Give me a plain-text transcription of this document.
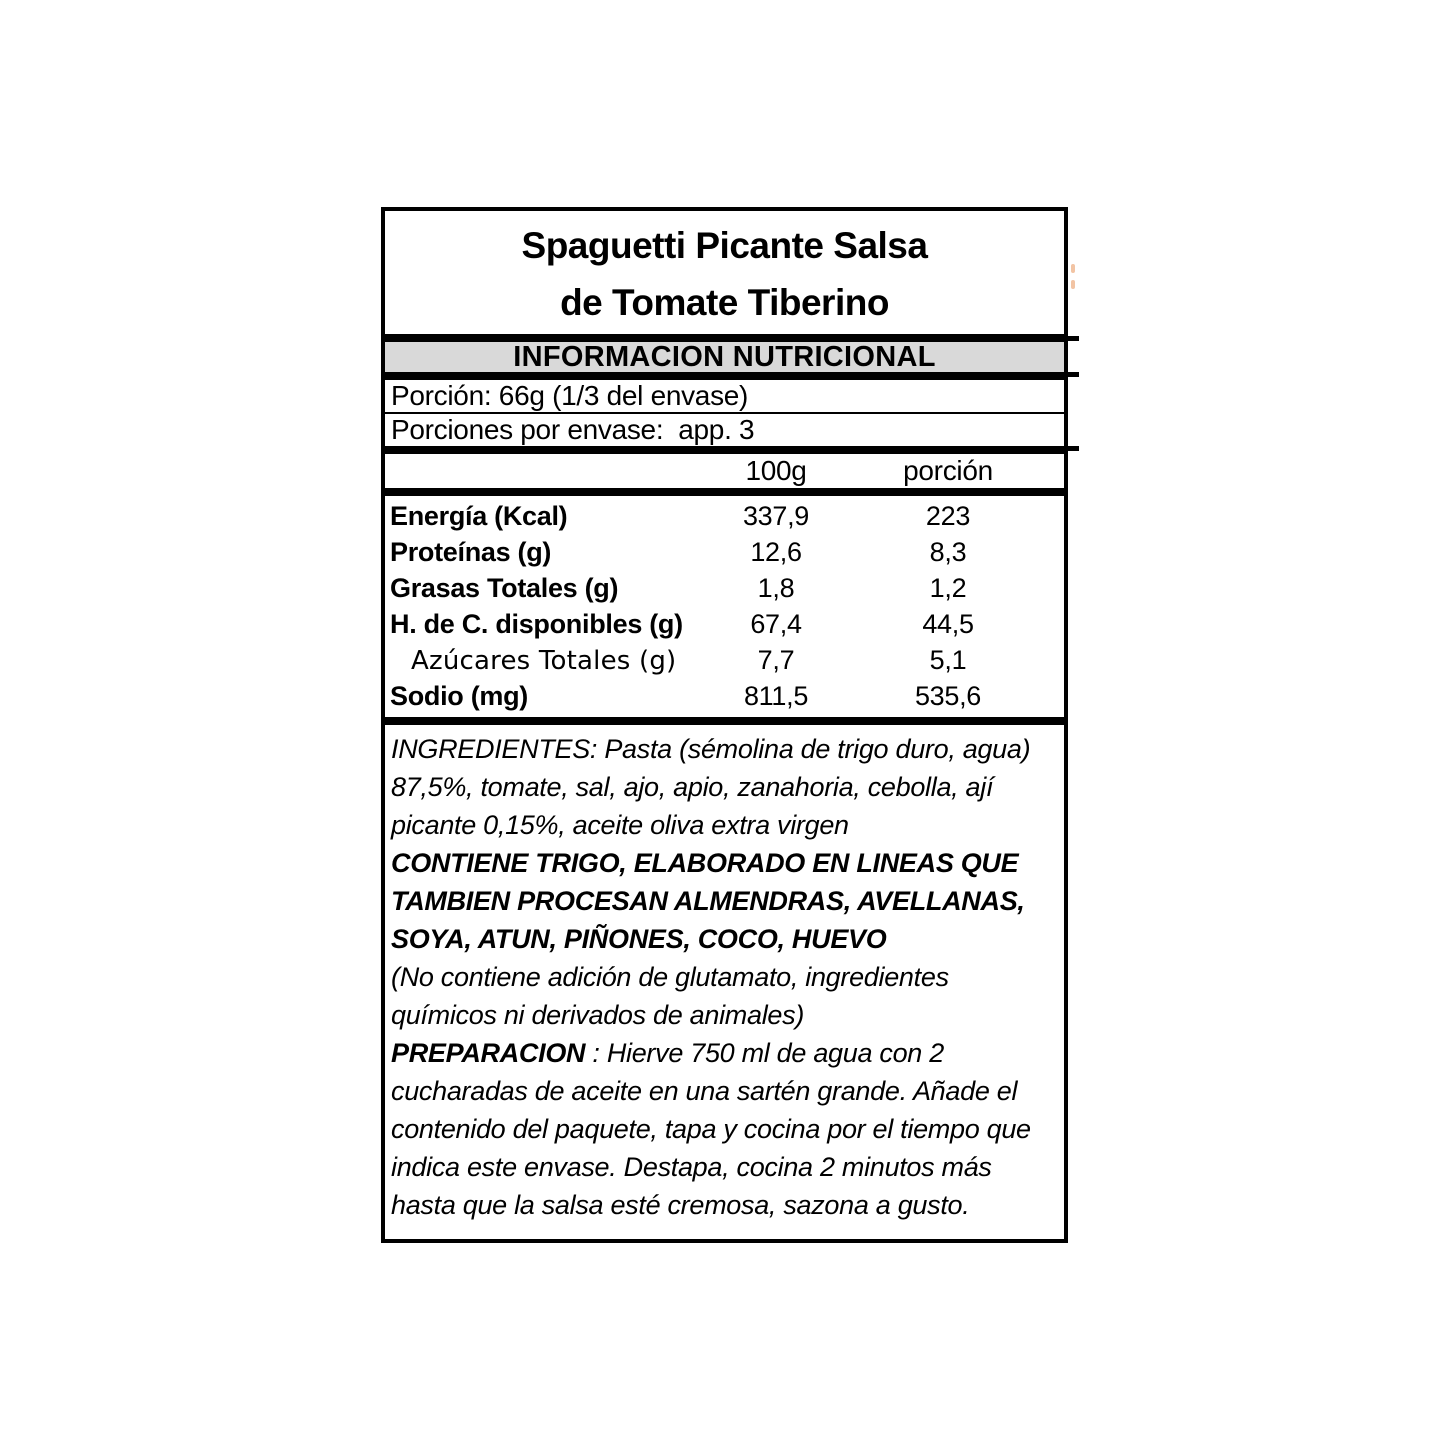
Spaguetti Picante Salsa
de Tomate Tiberino
INFORMACION NUTRICIONAL
Porción: 66g (1/3 del envase)
Porciones por envase:  app. 3
100g	porción
Energía (Kcal)	337,9	223
Proteínas (g)	12,6	8,3
Grasas Totales (g)	1,8	1,2
H. de C. disponibles (g)	67,4	44,5
Azúcares Totales (g)	7,7	5,1
Sodio (mg)	811,5	535,6

INGREDIENTES: Pasta (sémolina de trigo duro, agua) 87,5%, tomate, sal, ajo, apio, zanahoria, cebolla, ají picante 0,15%, aceite oliva extra virgen

CONTIENE TRIGO, ELABORADO EN LINEAS QUE TAMBIEN PROCESAN ALMENDRAS, AVELLANAS, SOYA, ATUN, PIÑONES, COCO, HUEVO

(No contiene adición de glutamato, ingredientes químicos ni derivados de animales)

PREPARACION : Hierve 750 ml de agua con 2 cucharadas de aceite en una sartén grande. Añade el contenido del paquete, tapa y cocina por el tiempo que indica este envase. Destapa, cocina 2 minutos más hasta que la salsa esté cremosa, sazona a gusto.
